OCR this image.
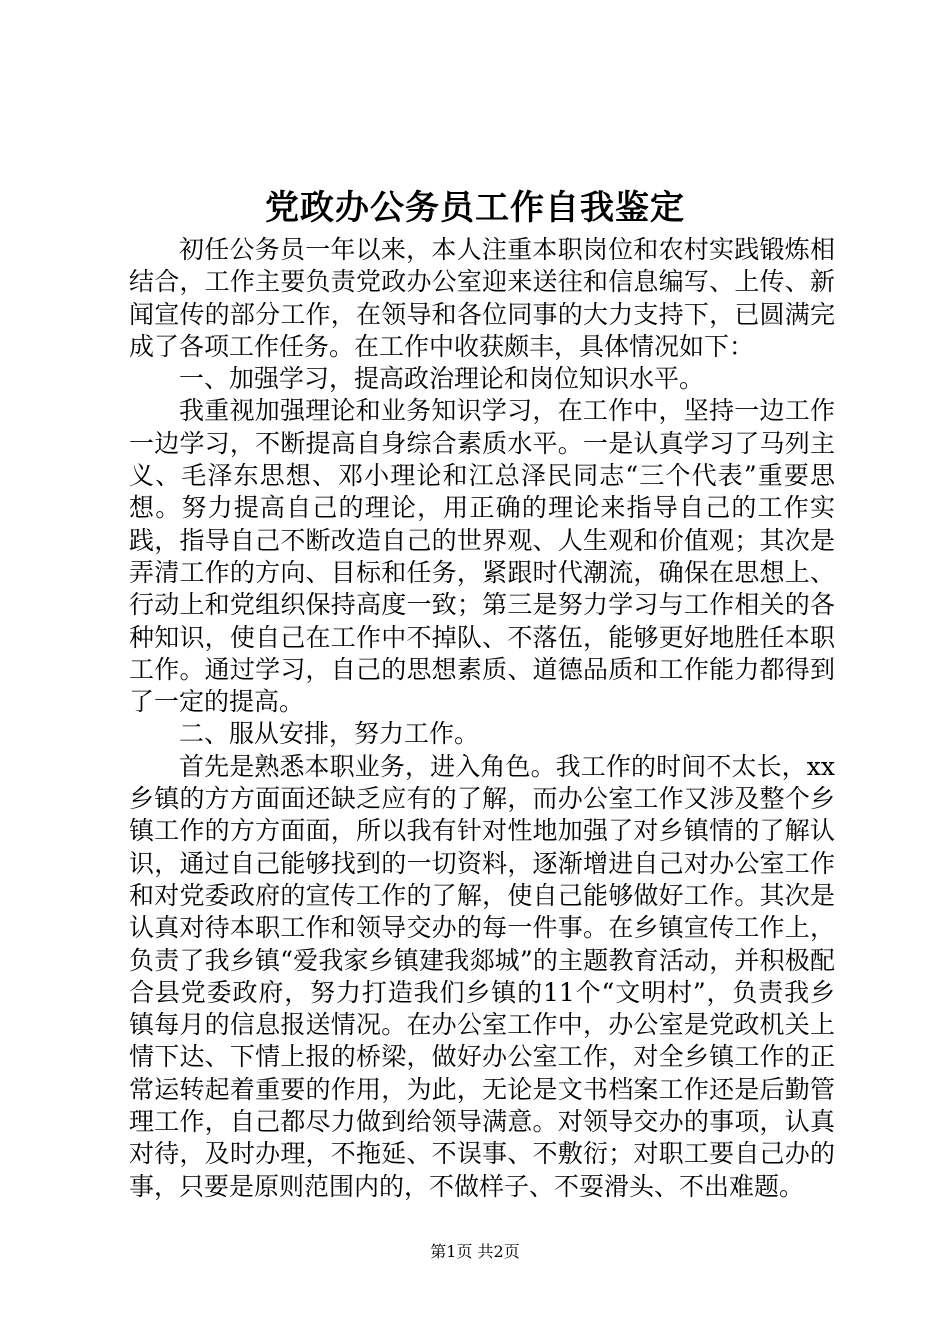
党政办公务员工作自我鉴定

初任公务员一年以来，本人注重本职岗位和农村实践锻炼相结合，工作主要负责党政办公室迎来送往和信息编写、上传、新闻宣传的部分工作，在领导和各位同事的大力支持下，已圆满完成了各项工作任务。在工作中收获颇丰，具体情况如下：

一、加强学习，提高政治理论和岗位知识水平。

我重视加强理论和业务知识学习，在工作中，坚持一边工作一边学习，不断提高自身综合素质水平。一是认真学习了马列主义、毛泽东思想、邓小理论和江总泽民同志“三个代表”重要思想。努力提高自己的理论，用正确的理论来指导自己的工作实践，指导自己不断改造自己的世界观、人生观和价值观；其次是弄清工作的方向、目标和任务，紧跟时代潮流，确保在思想上、行动上和党组织保持高度一致；第三是努力学习与工作相关的各种知识，使自己在工作中不掉队、不落伍，能够更好地胜任本职工作。通过学习，自己的思想素质、道德品质和工作能力都得到了一定的提高。

二、服从安排，努力工作。

首先是熟悉本职业务，进入角色。我工作的时间不太长，xx乡镇的方方面面还缺乏应有的了解，而办公室工作又涉及整个乡镇工作的方方面面，所以我有针对性地加强了对乡镇情的了解认识，通过自己能够找到的一切资料，逐渐增进自己对办公室工作和对党委政府的宣传工作的了解，使自己能够做好工作。其次是认真对待本职工作和领导交办的每一件事。在乡镇宣传工作上，负责了我乡镇“爱我家乡镇建我郯城”的主题教育活动，并积极配合县党委政府，努力打造我们乡镇的11个“文明村”，负责我乡镇每月的信息报送情况。在办公室工作中，办公室是党政机关上情下达、下情上报的桥梁，做好办公室工作，对全乡镇工作的正常运转起着重要的作用，为此，无论是文书档案工作还是后勤管理工作，自己都尽力做到给领导满意。对领导交办的事项，认真对待，及时办理，不拖延、不误事、不敷衍；对职工要自己办的事，只要是原则范围内的，不做样子、不耍滑头、不出难题。

第1页 共2页
